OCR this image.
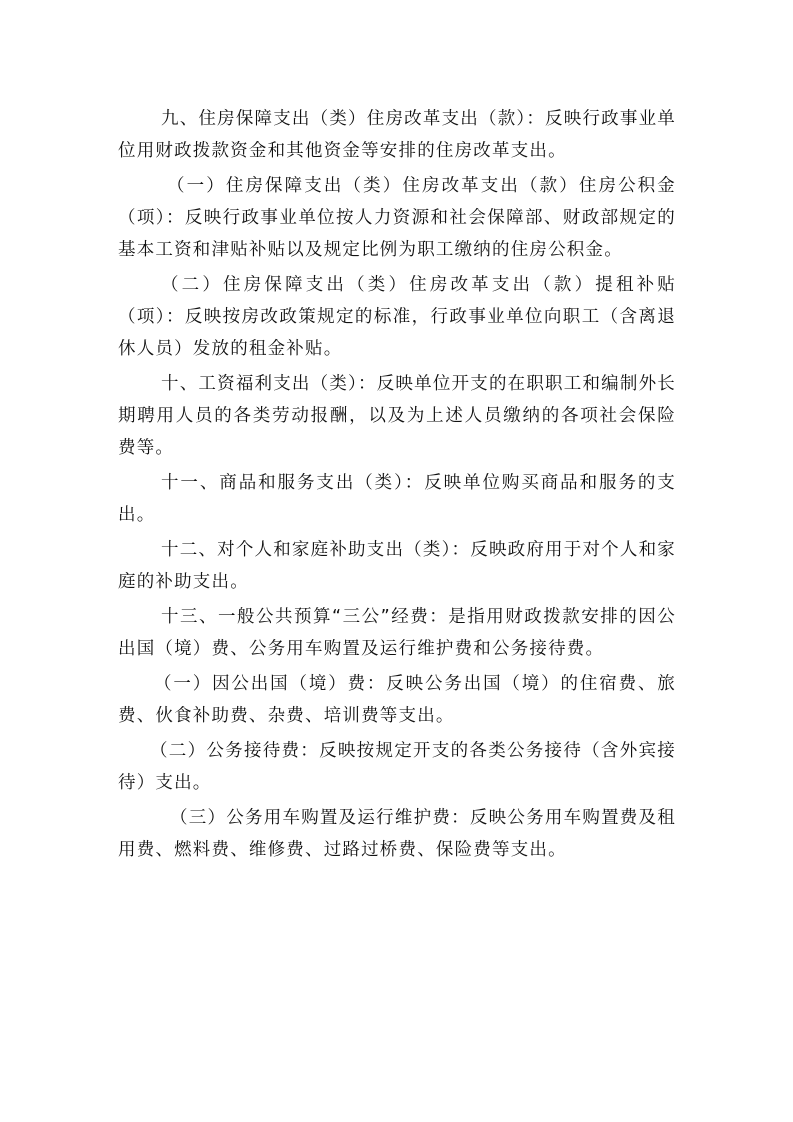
九、住房保障支出（类）住房改革支出（款）：反映行政事业单位用财政拨款资金和其他资金等安排的住房改革支出。

（一）住房保障支出（类）住房改革支出（款）住房公积金（项）：反映行政事业单位按人力资源和社会保障部、财政部规定的基本工资和津贴补贴以及规定比例为职工缴纳的住房公积金。

（二）住房保障支出（类）住房改革支出（款）提租补贴（项）：反映按房改政策规定的标准，行政事业单位向职工（含离退休人员）发放的租金补贴。

十、工资福利支出（类）：反映单位开支的在职职工和编制外长期聘用人员的各类劳动报酬，以及为上述人员缴纳的各项社会保险费等。

十一、商品和服务支出（类）：反映单位购买商品和服务的支出。

十二、对个人和家庭补助支出（类）：反映政府用于对个人和家庭的补助支出。

十三、一般公共预算“三公”经费：是指用财政拨款安排的因公出国（境）费、公务用车购置及运行维护费和公务接待费。

（一）因公出国（境）费：反映公务出国（境）的住宿费、旅费、伙食补助费、杂费、培训费等支出。

（二）公务接待费：反映按规定开支的各类公务接待（含外宾接待）支出。

（三）公务用车购置及运行维护费：反映公务用车购置费及租用费、燃料费、维修费、过路过桥费、保险费等支出。
